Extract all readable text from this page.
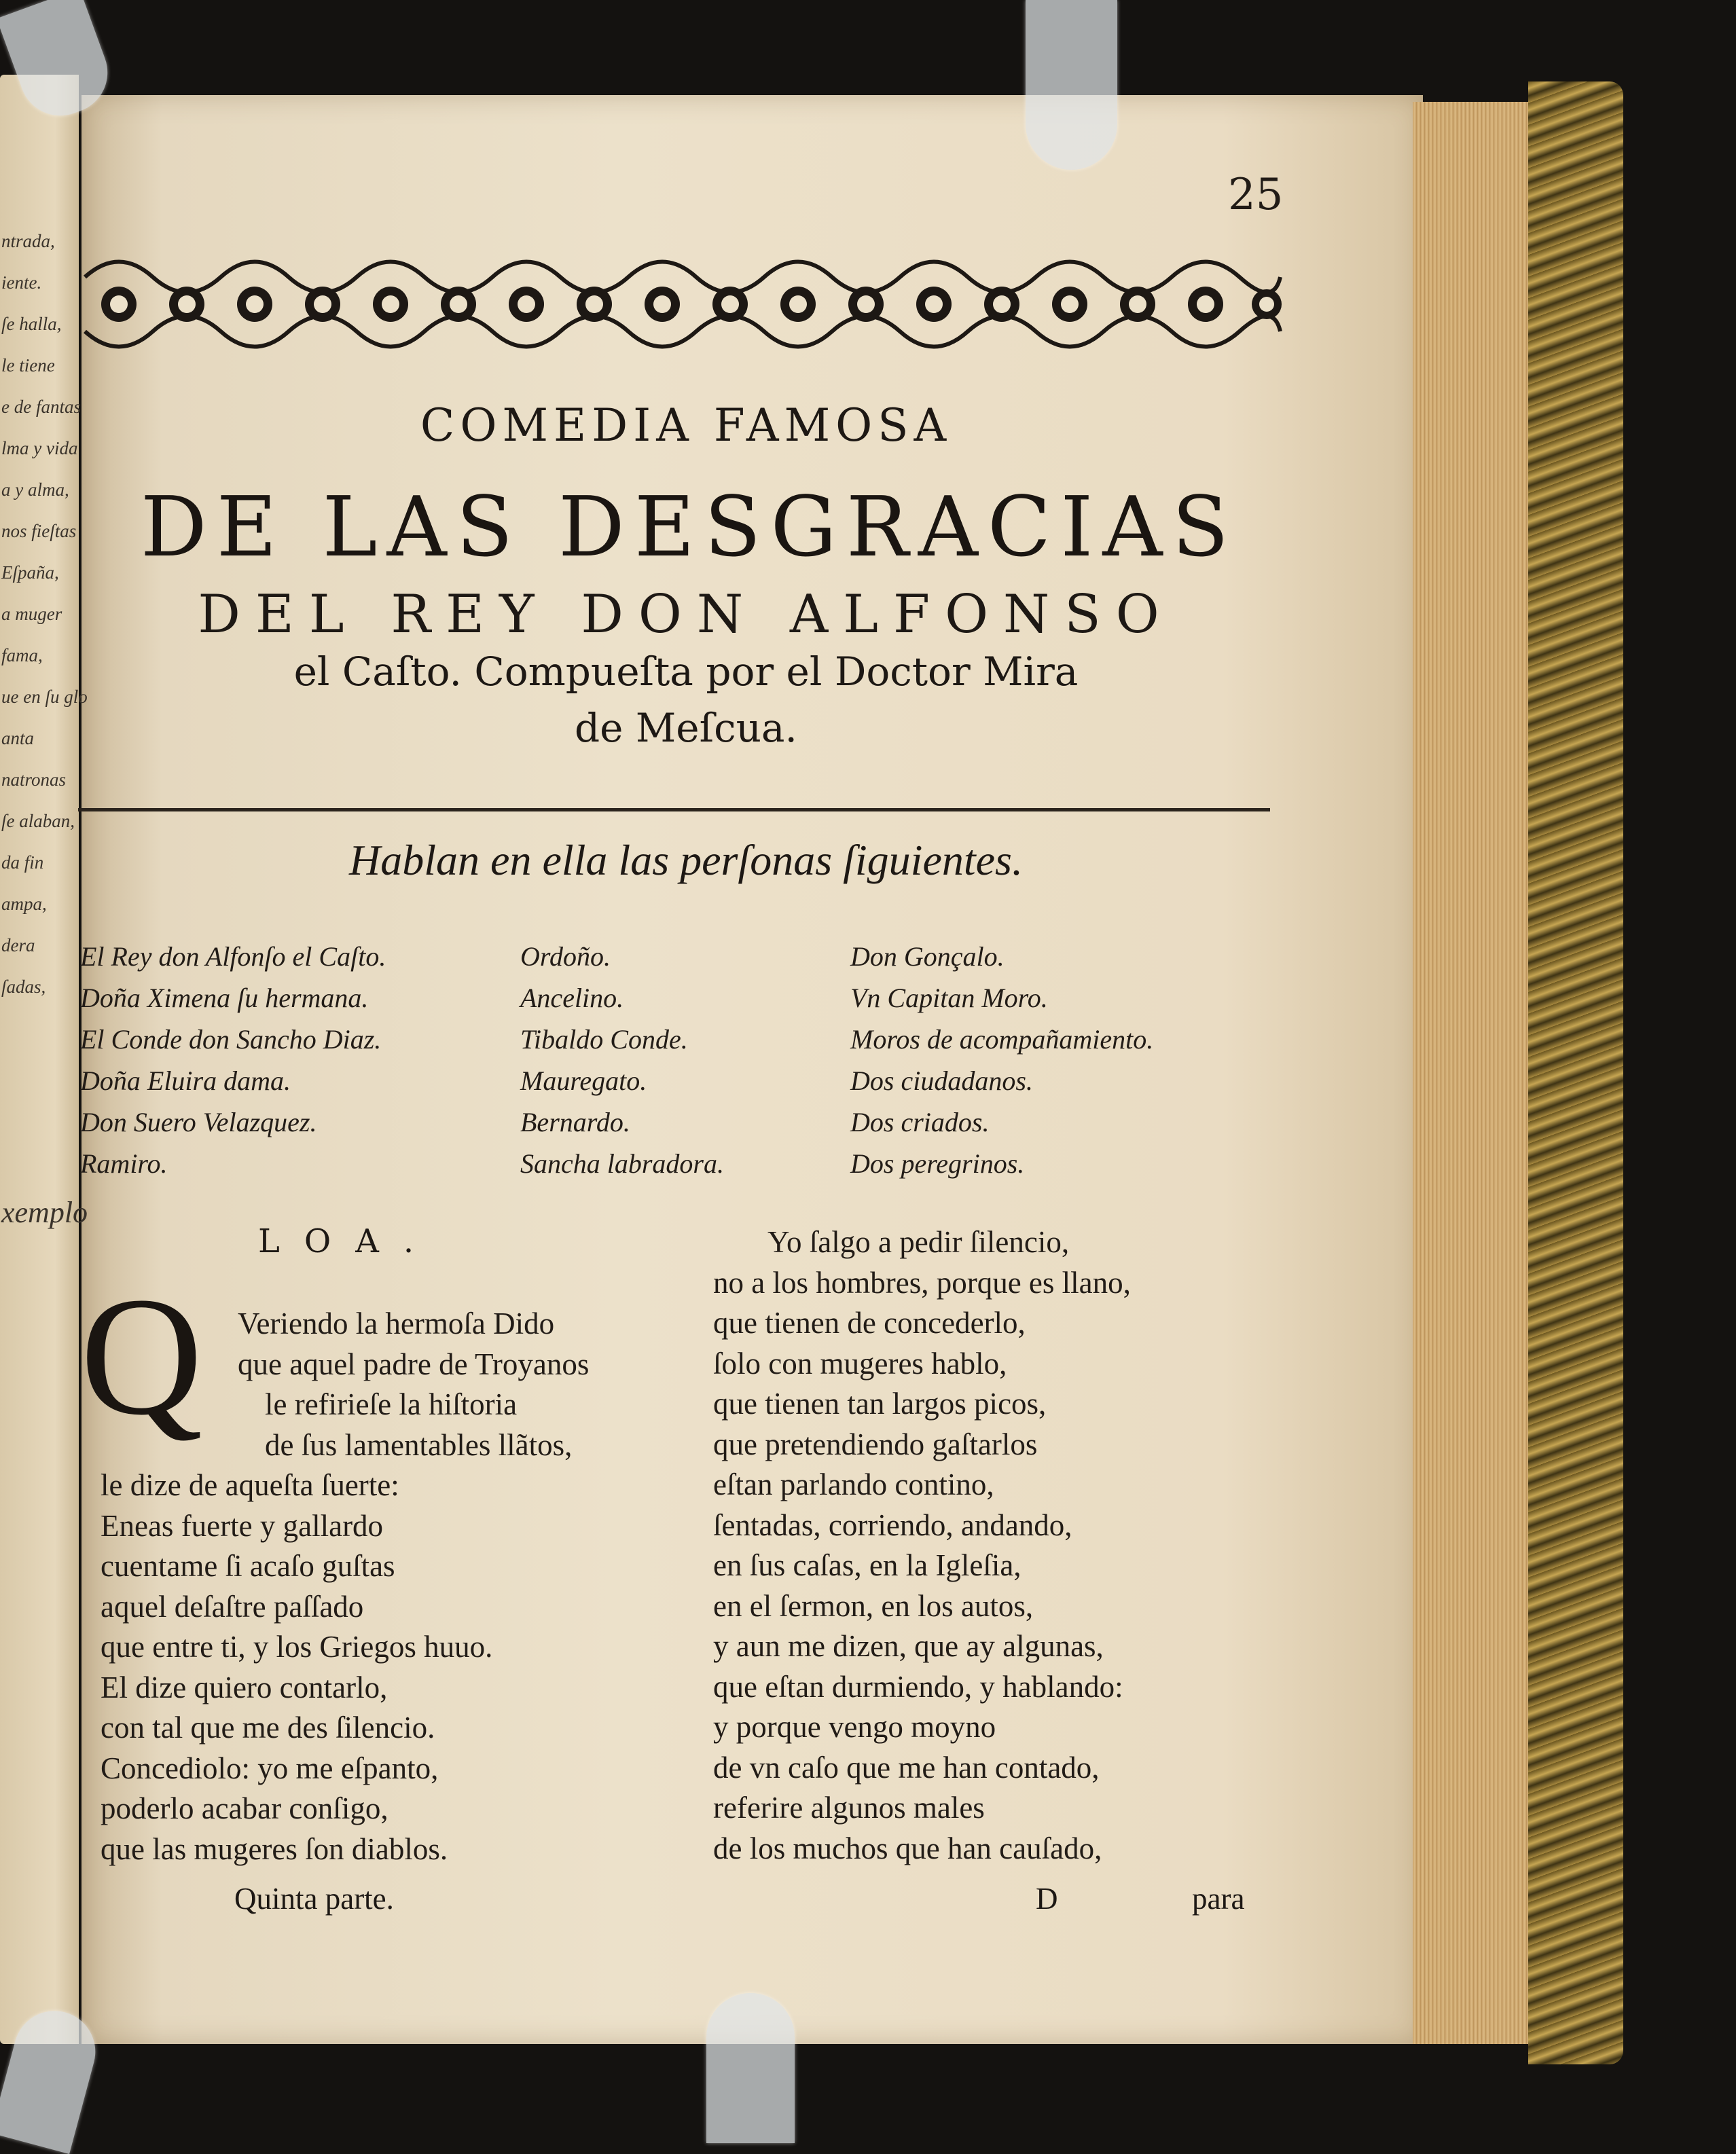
25
COMEDIA FAMOSA
DE LAS DESGRACIAS
DEL REY DON ALFONSO
el Caſto. Compueſta por el Doctor Mira
de Meſcua.
Hablan en ella las perſonas ſiguientes.
El Rey don Alfonſo el Caſto.
Doña Ximena ſu hermana.
El Conde don Sancho Diaz.
Doña Eluira dama.
Don Suero Velazquez.
Ramiro.
Ordoño.
Ancelino.
Tibaldo Conde.
Mauregato.
Bernardo.
Sancha labradora.
Don Gonçalo.
Vn Capitan Moro.
Moros de acompañamiento.
Dos ciudadanos.
Dos criados.
Dos peregrinos.
LOA.
Q Veriendo la hermoſa Dido
que aquel padre de Troyanos
le refirieſe la hiſtoria
de ſus lamentables llãtos,
le dize de aqueſta ſuerte:
Eneas fuerte y gallardo
cuentame ſi acaſo guſtas
aquel deſaſtre paſſado
que entre ti, y los Griegos huuo.
El dize quiero contarlo,
con tal que me des ſilencio.
Concediolo: yo me eſpanto,
poderlo acabar conſigo,
que las mugeres ſon diablos.
Yo ſalgo a pedir ſilencio,
no a los hombres, porque es llano,
que tienen de concederlo,
ſolo con mugeres hablo,
que tienen tan largos picos,
que pretendiendo gaſtarlos
eſtan parlando contino,
ſentadas, corriendo, andando,
en ſus caſas, en la Igleſia,
en el ſermon, en los autos,
y aun me dizen, que ay algunas,
que eſtan durmiendo, y hablando:
y porque vengo moyno
de vn caſo que me han contado,
referire algunos males
de los muchos que han cauſado,
Quinta parte.	D	para
ntrada,
iente.
ſe halla,
le tiene
e de fantas
lma y vida
a y alma,
nos fieſtas
Eſpaña,
a muger
fama,
ue en ſu glo
anta
natronas
ſe alaban,
da fin
ampa,
dera
ſadas,
xemplo
